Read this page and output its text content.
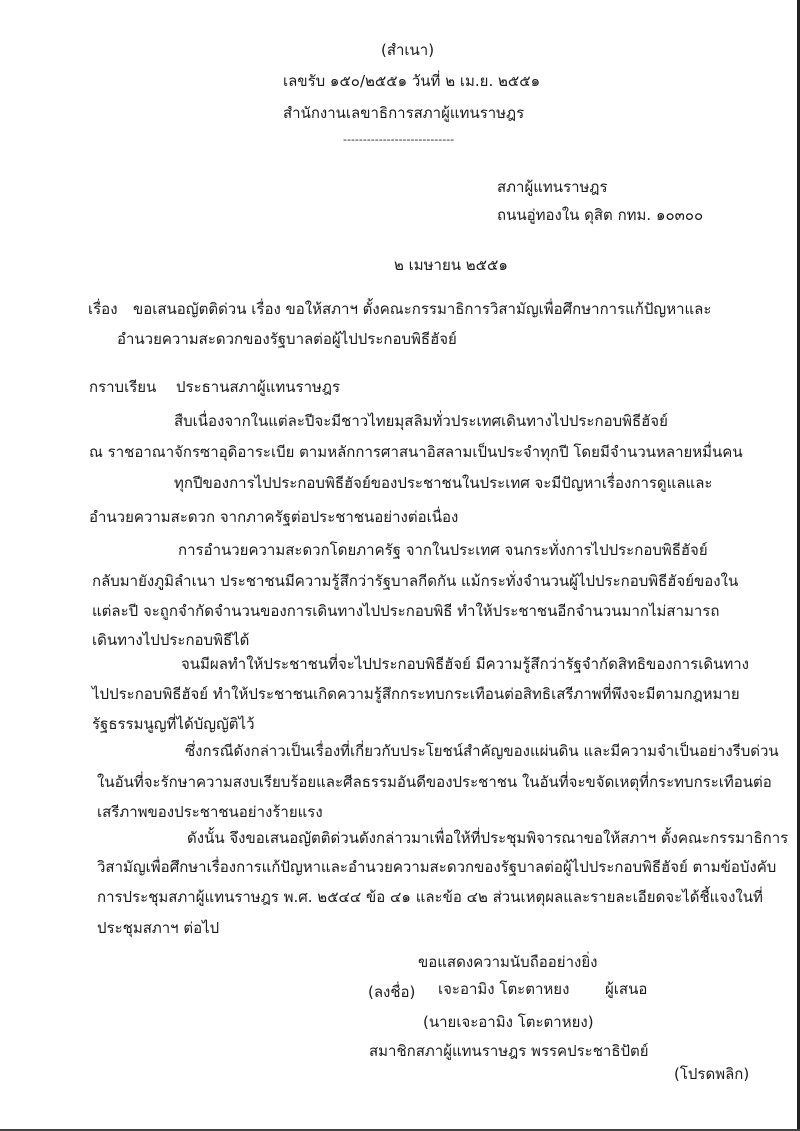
(สำเนา)
เลขรับ ๑๕๐/๒๕๕๑ วันที่ ๒ เม.ย. ๒๕๕๑
สำนักงานเลขาธิการสภาผู้แทนราษฎร
----------------------------
สภาผู้แทนราษฎร
ถนนอู่ทองใน ดุสิต กทม. ๑๐๓๐๐
๒ เมษายน ๒๕๕๑
เรื่อง ขอเสนอญัตติด่วน เรื่อง ขอให้สภาฯ ตั้งคณะกรรมาธิการวิสามัญเพื่อศึกษาการแก้ปัญหาและ
อำนวยความสะดวกของรัฐบาลต่อผู้ไปประกอบพิธีฮัจย์
กราบเรียน ประธานสภาผู้แทนราษฎร
สืบเนื่องจากในแต่ละปีจะมีชาวไทยมุสลิมทั่วประเทศเดินทางไปประกอบพิธีฮัจย์
ณ ราชอาณาจักรซาอุดิอาระเบีย ตามหลักการศาสนาอิสลามเป็นประจำทุกปี โดยมีจำนวนหลายหมื่นคน
ทุกปีของการไปประกอบพิธีฮัจย์ของประชาชนในประเทศ จะมีปัญหาเรื่องการดูแลและ
อำนวยความสะดวก จากภาครัฐต่อประชาชนอย่างต่อเนื่อง
การอำนวยความสะดวกโดยภาครัฐ จากในประเทศ จนกระทั่งการไปประกอบพิธีฮัจย์
กลับมายังภูมิลำเนา ประชาชนมีความรู้สึกว่ารัฐบาลกีดกัน แม้กระทั่งจำนวนผู้ไปประกอบพิธีฮัจย์ของใน
แต่ละปี จะถูกจำกัดจำนวนของการเดินทางไปประกอบพิธี ทำให้ประชาชนอีกจำนวนมากไม่สามารถ
เดินทางไปประกอบพิธีได้
จนมีผลทำให้ประชาชนที่จะไปประกอบพิธีฮัจย์ มีความรู้สึกว่ารัฐจำกัดสิทธิของการเดินทาง
ไปประกอบพิธีฮัจย์ ทำให้ประชาชนเกิดความรู้สึกกระทบกระเทือนต่อสิทธิเสรีภาพที่พึงจะมีตามกฎหมาย
รัฐธรรมนูญที่ได้บัญญัติไว้
ซึ่งกรณีดังกล่าวเป็นเรื่องที่เกี่ยวกับประโยชน์สำคัญของแผ่นดิน และมีความจำเป็นอย่างรีบด่วน
ในอันที่จะรักษาความสงบเรียบร้อยและศีลธรรมอันดีของประชาชน ในอันที่จะขจัดเหตุที่กระทบกระเทือนต่อ
เสรีภาพของประชาชนอย่างร้ายแรง
ดังนั้น จึงขอเสนอญัตติด่วนดังกล่าวมาเพื่อให้ที่ประชุมพิจารณาขอให้สภาฯ ตั้งคณะกรรมาธิการ
วิสามัญเพื่อศึกษาเรื่องการแก้ปัญหาและอำนวยความสะดวกของรัฐบาลต่อผู้ไปประกอบพิธีฮัจย์ ตามข้อบังคับ
การประชุมสภาผู้แทนราษฎร พ.ศ. ๒๕๔๔ ข้อ ๔๑ และข้อ ๔๒ ส่วนเหตุผลและรายละเอียดจะได้ชี้แจงในที่
ประชุมสภาฯ ต่อไป
ขอแสดงความนับถืออย่างยิ่ง
(ลงชื่อ) เจะอามิง โตะตาหยง ผู้เสนอ
(นายเจะอามิง โตะตาหยง)
สมาชิกสภาผู้แทนราษฎร พรรคประชาธิปัตย์
(โปรดพลิก)
